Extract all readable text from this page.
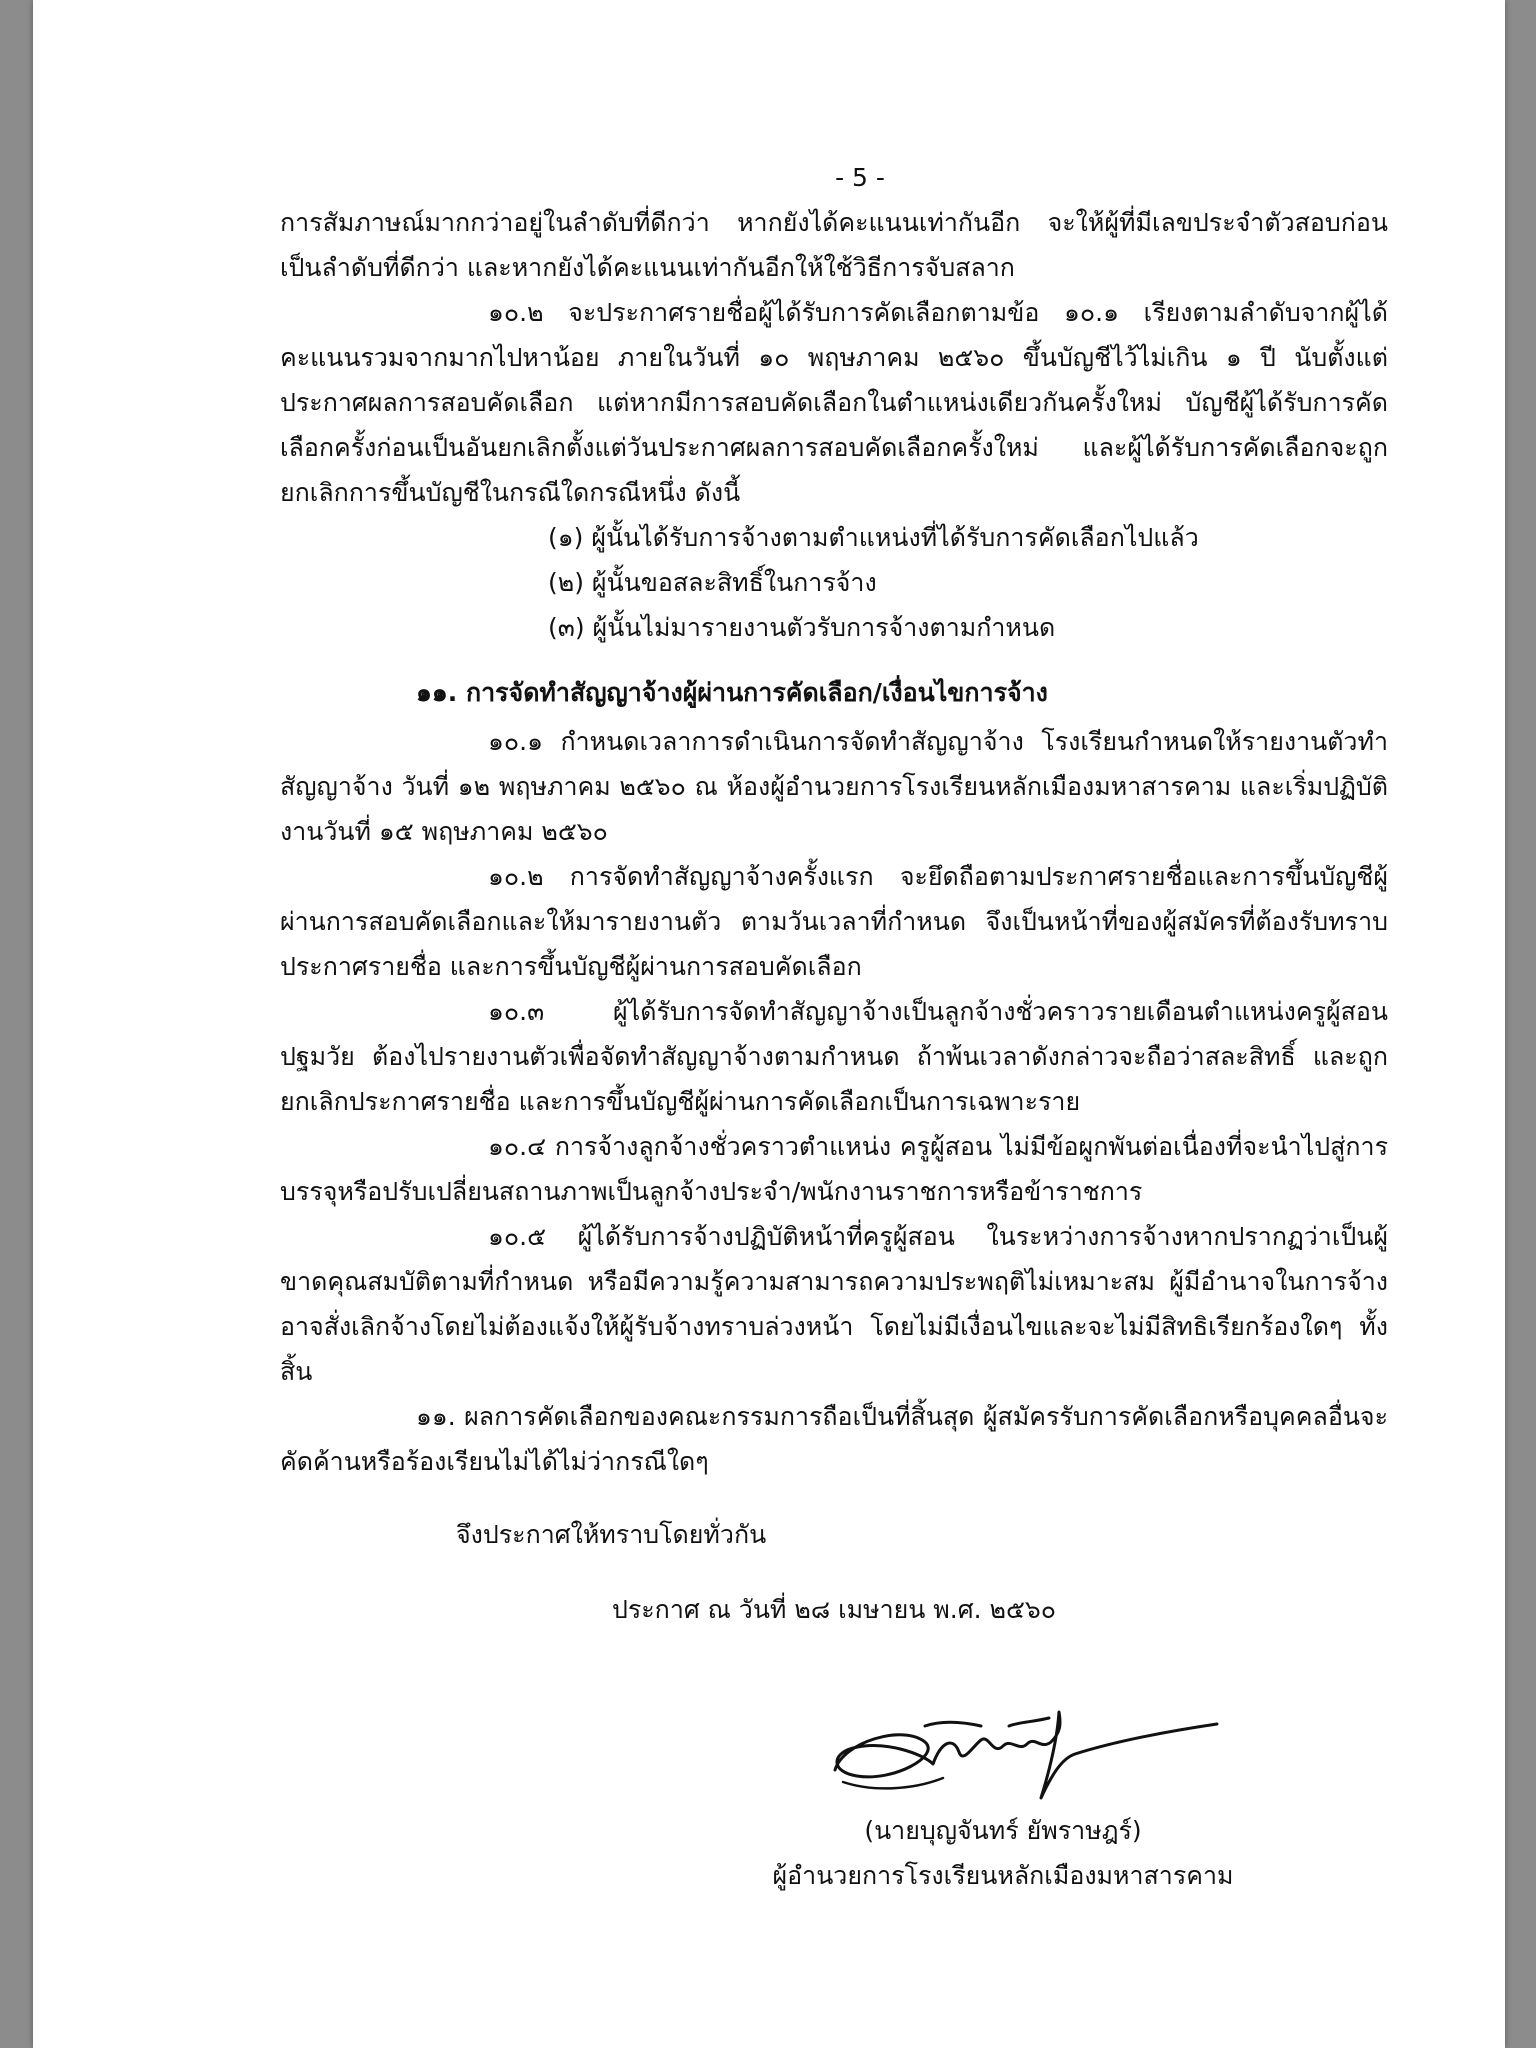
- 5 -

การสัมภาษณ์มากกว่าอยู่ในลำดับที่ดีกว่า หากยังได้คะแนนเท่ากันอีก จะให้ผู้ที่มีเลขประจำตัวสอบก่อน เป็นลำดับที่ดีกว่า และหากยังได้คะแนนเท่ากันอีกให้ใช้วิธีการจับสลาก

๑๐.๒ จะประกาศรายชื่อผู้ได้รับการคัดเลือกตามข้อ ๑๐.๑ เรียงตามลำดับจากผู้ได้คะแนนรวมจากมากไปหาน้อย ภายในวันที่ ๑๐ พฤษภาคม ๒๕๖๐ ขึ้นบัญชีไว้ไม่เกิน ๑ ปี นับตั้งแต่ประกาศผลการสอบคัดเลือก แต่หากมีการสอบคัดเลือกในตำแหน่งเดียวกันครั้งใหม่ บัญชีผู้ได้รับการคัดเลือกครั้งก่อนเป็นอันยกเลิกตั้งแต่วันประกาศผลการสอบคัดเลือกครั้งใหม่ และผู้ได้รับการคัดเลือกจะถูกยกเลิกการขึ้นบัญชีในกรณีใดกรณีหนึ่ง ดังนี้

(๑) ผู้นั้นได้รับการจ้างตามตำแหน่งที่ได้รับการคัดเลือกไปแล้ว

(๒) ผู้นั้นขอสละสิทธิ์ในการจ้าง

(๓) ผู้นั้นไม่มารายงานตัวรับการจ้างตามกำหนด

๑๑. การจัดทำสัญญาจ้างผู้ผ่านการคัดเลือก/เงื่อนไขการจ้าง

๑๐.๑ กำหนดเวลาการดำเนินการจัดทำสัญญาจ้าง โรงเรียนกำหนดให้รายงานตัวทำสัญญาจ้าง วันที่ ๑๒ พฤษภาคม ๒๕๖๐ ณ ห้องผู้อำนวยการโรงเรียนหลักเมืองมหาสารคาม และเริ่มปฏิบัติงานวันที่ ๑๕ พฤษภาคม ๒๕๖๐

๑๐.๒ การจัดทำสัญญาจ้างครั้งแรก จะยึดถือตามประกาศรายชื่อและการขึ้นบัญชีผู้ผ่านการสอบคัดเลือกและให้มารายงานตัว ตามวันเวลาที่กำหนด จึงเป็นหน้าที่ของผู้สมัครที่ต้องรับทราบประกาศรายชื่อ และการขึ้นบัญชีผู้ผ่านการสอบคัดเลือก

๑๐.๓ ผู้ได้รับการจัดทำสัญญาจ้างเป็นลูกจ้างชั่วคราวรายเดือนตำแหน่งครูผู้สอนปฐมวัย ต้องไปรายงานตัวเพื่อจัดทำสัญญาจ้างตามกำหนด ถ้าพ้นเวลาดังกล่าวจะถือว่าสละสิทธิ์ และถูกยกเลิกประกาศรายชื่อ และการขึ้นบัญชีผู้ผ่านการคัดเลือกเป็นการเฉพาะราย

๑๐.๔ การจ้างลูกจ้างชั่วคราวตำแหน่ง ครูผู้สอน ไม่มีข้อผูกพันต่อเนื่องที่จะนำไปสู่การบรรจุหรือปรับเปลี่ยนสถานภาพเป็นลูกจ้างประจำ/พนักงานราชการหรือข้าราชการ

๑๐.๕ ผู้ได้รับการจ้างปฏิบัติหน้าที่ครูผู้สอน ในระหว่างการจ้างหากปรากฏว่าเป็นผู้ขาดคุณสมบัติตามที่กำหนด หรือมีความรู้ความสามารถความประพฤติไม่เหมาะสม ผู้มีอำนาจในการจ้างอาจสั่งเลิกจ้างโดยไม่ต้องแจ้งให้ผู้รับจ้างทราบล่วงหน้า โดยไม่มีเงื่อนไขและจะไม่มีสิทธิเรียกร้องใดๆ ทั้งสิ้น

๑๑. ผลการคัดเลือกของคณะกรรมการถือเป็นที่สิ้นสุด ผู้สมัครรับการคัดเลือกหรือบุคคลอื่นจะคัดค้านหรือร้องเรียนไม่ได้ไม่ว่ากรณีใดๆ

จึงประกาศให้ทราบโดยทั่วกัน

ประกาศ ณ วันที่ ๒๘ เมษายน พ.ศ. ๒๕๖๐

(นายบุญจันทร์ ยัพราษฎร์)
ผู้อำนวยการโรงเรียนหลักเมืองมหาสารคาม
